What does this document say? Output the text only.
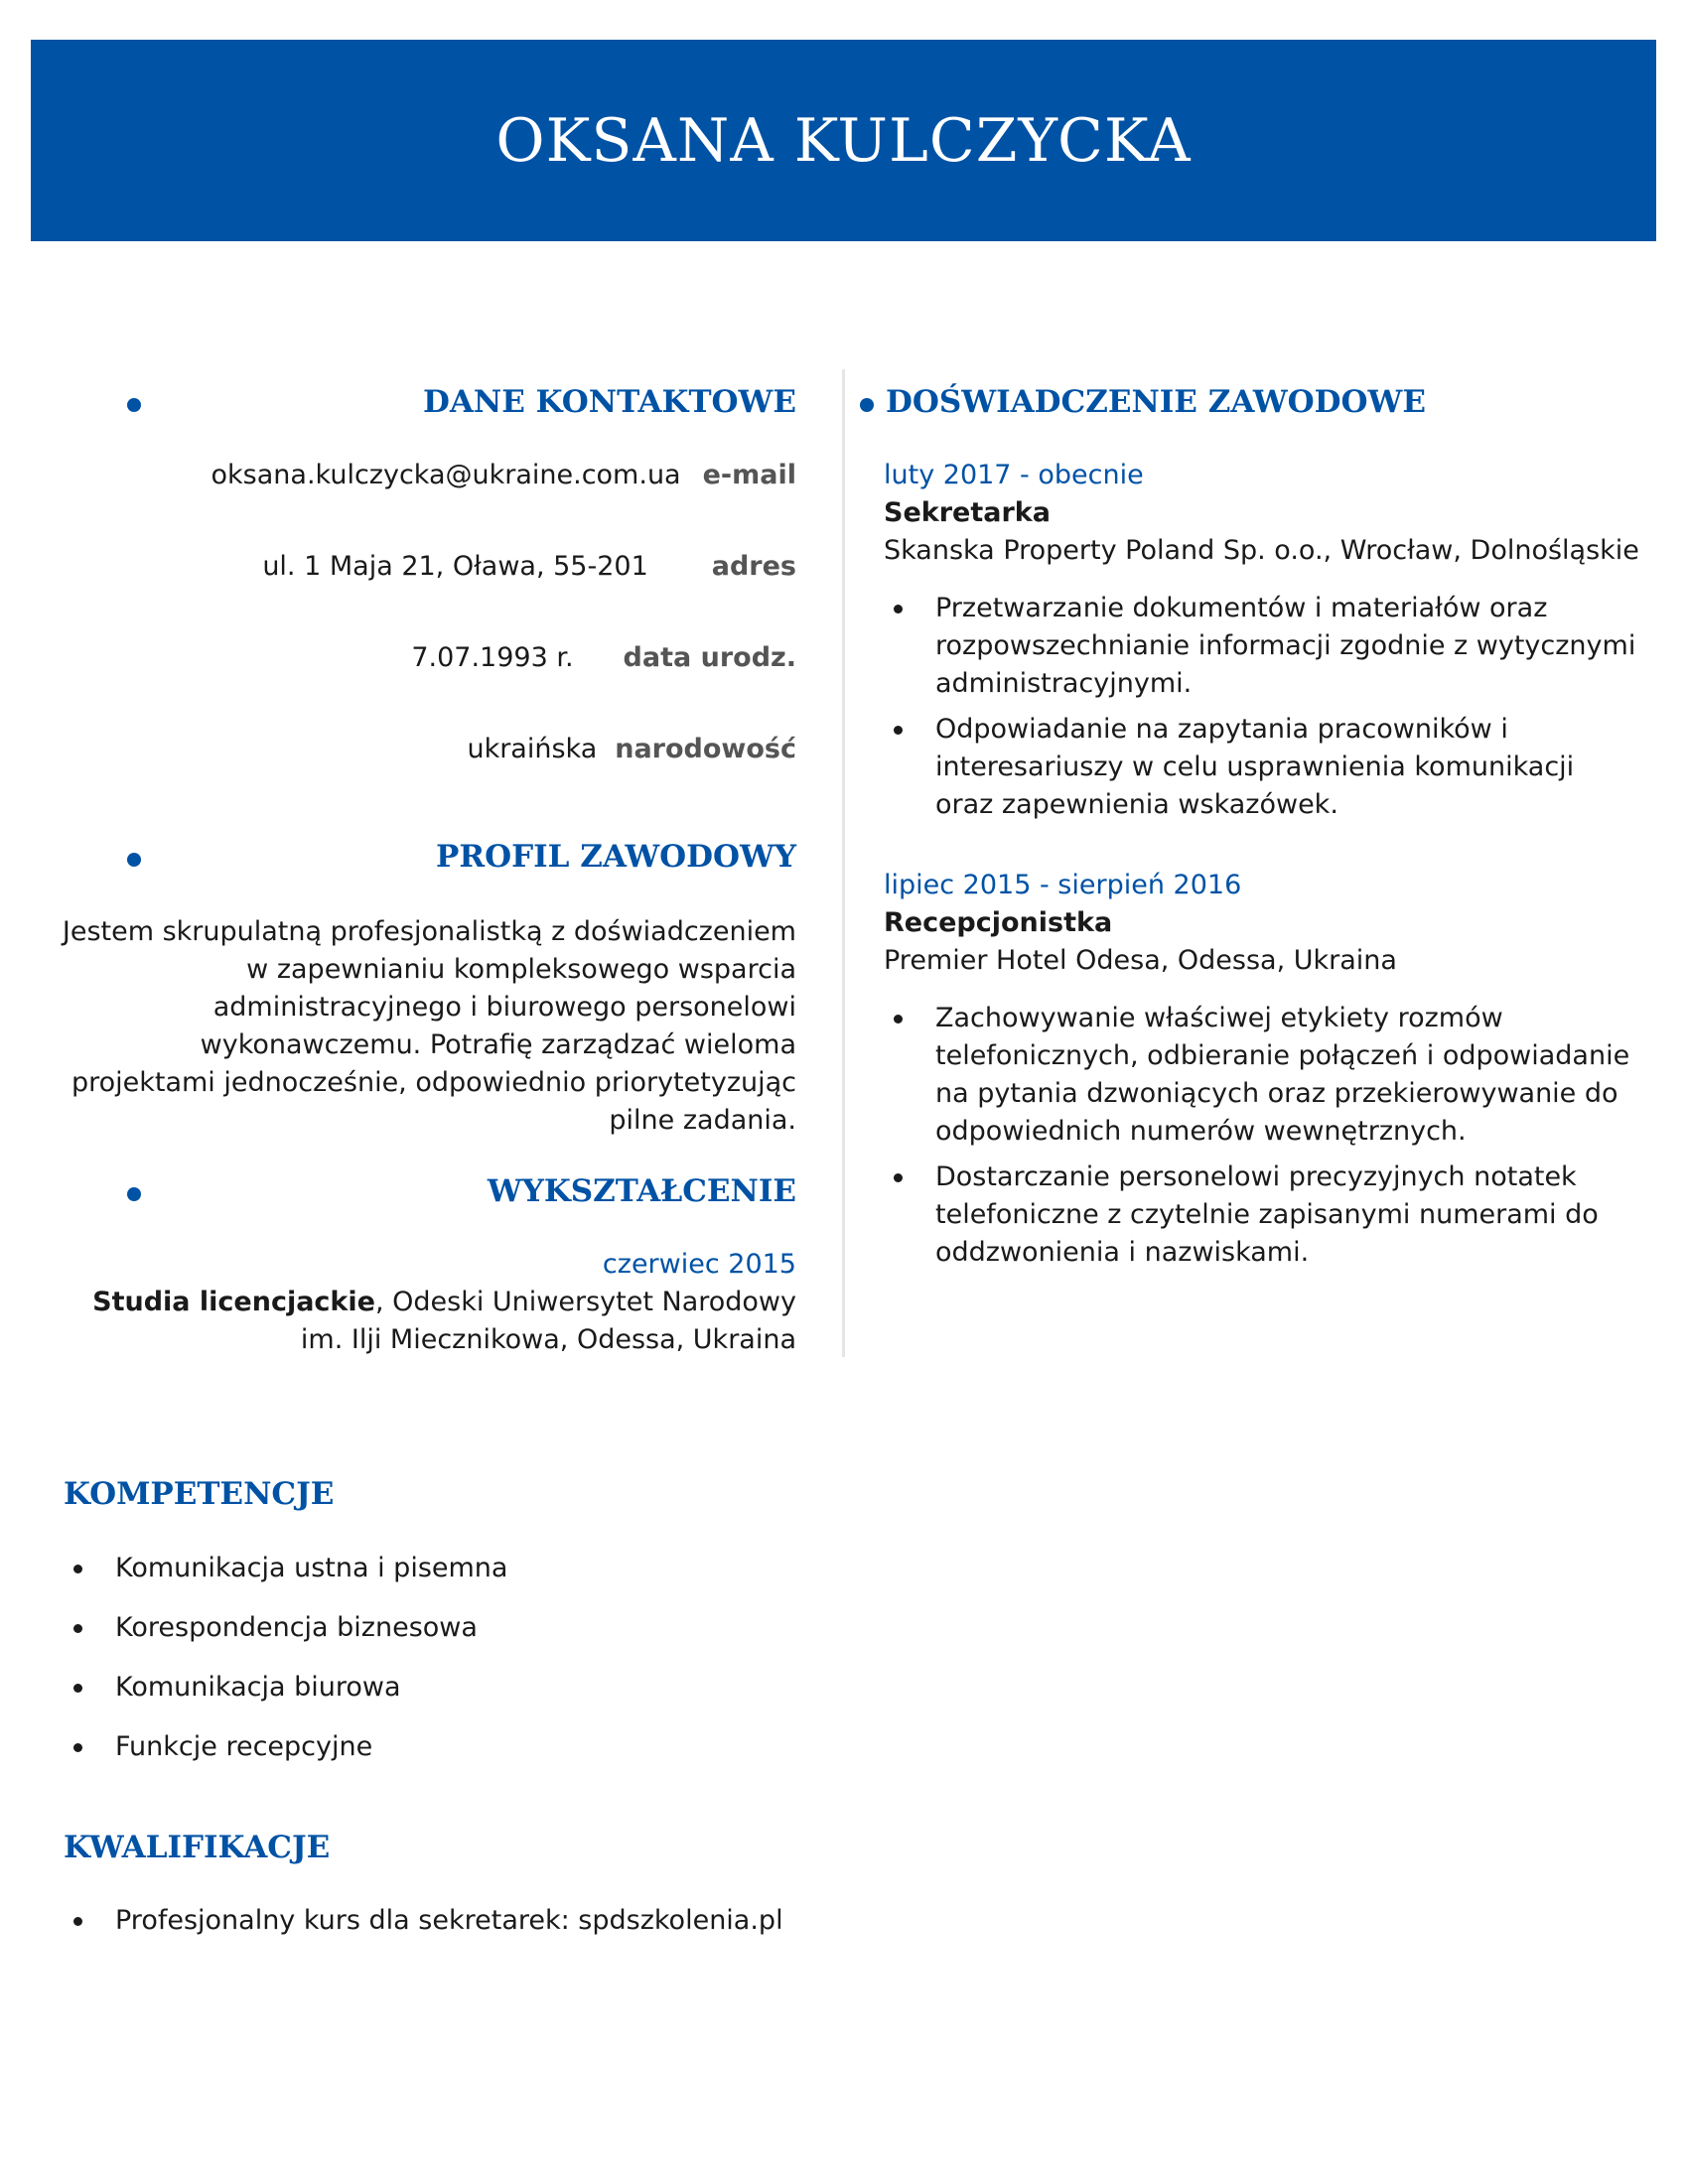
OKSANA KULCZYCKA
DANE KONTAKTOWE
oksana.kulczycka@ukraine.com.ua e-mail
ul. 1 Maja 21, Oława, 55-201 adres
7.07.1993 r. data urodz.
ukraińska narodowość
PROFIL ZAWODOWY

Jestem skrupulatną profesjonalistką z doświadczeniem w zapewnianiu kompleksowego wsparcia administracyjnego i biurowego personelowi wykonawczemu. Potrafię zarządzać wieloma projektami jednocześnie, odpowiednio priorytetyzując pilne zadania.

WYKSZTAŁCENIE
czerwiec 2015
Studia licencjackie, Odeski Uniwersytet Narodowy im. Ilji Miecznikowa, Odessa, Ukraina
DOŚWIADCZENIE ZAWODOWE
luty 2017 - obecnie
Sekretarka
Skanska Property Poland Sp. o.o., Wrocław, Dolnośląskie
Przetwarzanie dokumentów i materiałów oraz rozpowszechnianie informacji zgodnie z wytycznymi administracyjnymi.
Odpowiadanie na zapytania pracowników i interesariuszy w celu usprawnienia komunikacji oraz zapewnienia wskazówek.
lipiec 2015 - sierpień 2016
Recepcjonistka
Premier Hotel Odesa, Odessa, Ukraina
Zachowywanie właściwej etykiety rozmów telefonicznych, odbieranie połączeń i odpowiadanie na pytania dzwoniących oraz przekierowywanie do odpowiednich numerów wewnętrznych.
Dostarczanie personelowi precyzyjnych notatek telefoniczne z czytelnie zapisanymi numerami do oddzwonienia i nazwiskami.
KOMPETENCJE
Komunikacja ustna i pisemna
Korespondencja biznesowa
Komunikacja biurowa
Funkcje recepcyjne
KWALIFIKACJE
Profesjonalny kurs dla sekretarek: spdszkolenia.pl
